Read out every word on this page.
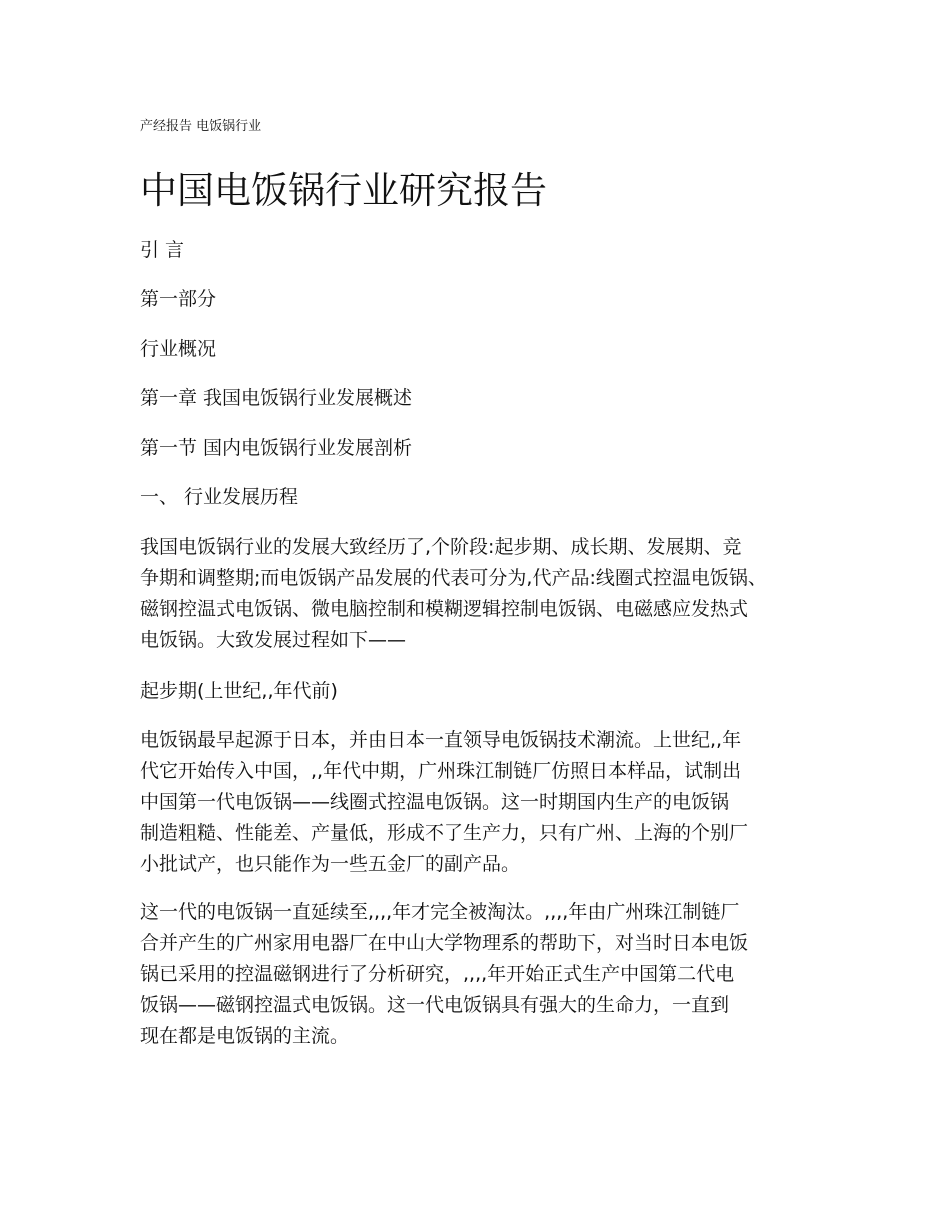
产经报告 电饭锅行业
中国电饭锅行业研究报告
引 言
第一部分
行业概况
第一章 我国电饭锅行业发展概述
第一节 国内电饭锅行业发展剖析
一、 行业发展历程
我国电饭锅行业的发展大致经历了,个阶段:起步期、成长期、发展期、竞
争期和调整期;而电饭锅产品发展的代表可分为,代产品:线圈式控温电饭锅、
磁钢控温式电饭锅、微电脑控制和模糊逻辑控制电饭锅、电磁感应发热式
电饭锅。大致发展过程如下——
起步期(上世纪,,年代前)
电饭锅最早起源于日本，并由日本一直领导电饭锅技术潮流。上世纪,,年
代它开始传入中国，,,年代中期，广州珠江制链厂仿照日本样品，试制出
中国第一代电饭锅——线圈式控温电饭锅。这一时期国内生产的电饭锅
制造粗糙、性能差、产量低，形成不了生产力，只有广州、上海的个别厂
小批试产，也只能作为一些五金厂的副产品。
这一代的电饭锅一直延续至,,,,年才完全被淘汰。,,,,年由广州珠江制链厂
合并产生的广州家用电器厂在中山大学物理系的帮助下，对当时日本电饭
锅已采用的控温磁钢进行了分析研究，,,,,年开始正式生产中国第二代电
饭锅——磁钢控温式电饭锅。这一代电饭锅具有强大的生命力，一直到
现在都是电饭锅的主流。
